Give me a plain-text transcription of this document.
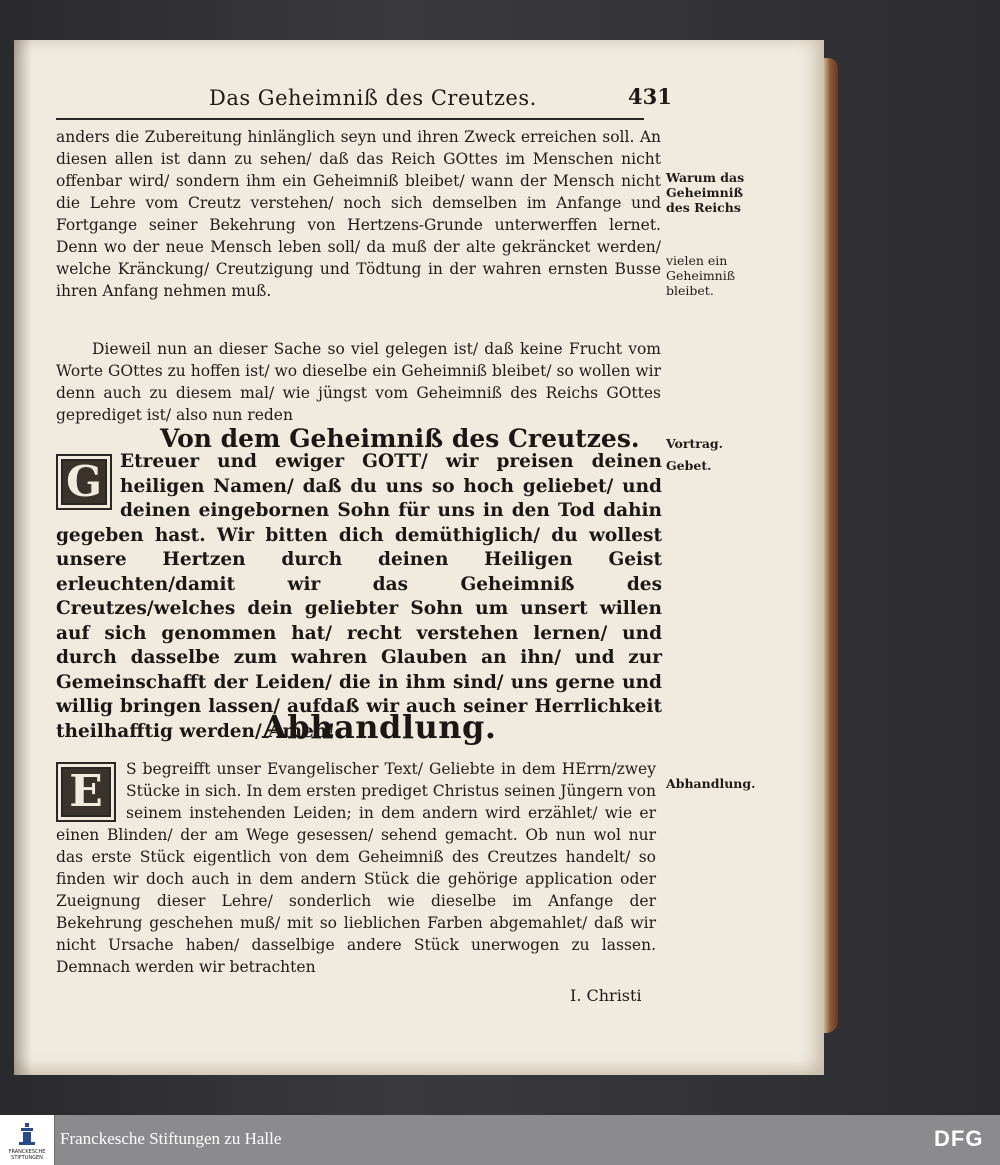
Das Geheimniß des Creutzes.	431
anders die Zubereitung hinlänglich seyn und ihren Zweck erreichen soll. An diesen allen ist dann zu sehen/ daß das Reich GOttes im Menschen nicht offenbar wird/ sondern ihm ein Geheimniß bleibet/ wann der Mensch nicht die Lehre vom Creutz verstehen/ noch sich demselben im Anfange und Fortgange seiner Bekehrung von Hertzens-Grunde unterwerffen lernet. Denn wo der neue Mensch leben soll/ da muß der alte gekräncket werden/ welche Kränckung/ Creutzigung und Tödtung in der wahren ernsten Busse ihren Anfang nehmen muß.
Dieweil nun an dieser Sache so viel gelegen ist/ daß keine Frucht vom Worte GOttes zu hoffen ist/ wo dieselbe ein Geheimniß bleibet/ so wollen wir denn auch zu diesem mal/ wie jüngst vom Geheimniß des Reichs GOttes geprediget ist/ also nun reden
Von dem Geheimniß des Creutzes.
G Etreuer und ewiger GOTT/ wir preisen deinen heiligen Namen/ daß du uns so hoch geliebet/ und deinen eingebornen Sohn für uns in den Tod dahin gegeben hast. Wir bitten dich demüthiglich/ du wollest unsere Hertzen durch deinen Heiligen Geist erleuchten/damit wir das Geheimniß des Creutzes/welches dein geliebter Sohn um unsert willen auf sich genommen hat/ recht verstehen lernen/ und durch dasselbe zum wahren Glauben an ihn/ und zur Gemeinschafft der Leiden/ die in ihm sind/ uns gerne und willig bringen lassen/ aufdaß wir auch seiner Herrlichkeit theilhafftig werden/ Amen!
Abhandlung.
E	S begreifft unser Evangelischer Text/ Geliebte in dem HErrn/zwey Stücke in sich. In dem ersten prediget Christus seinen Jüngern von seinem instehenden Leiden; in dem andern wird erzählet/ wie er einen Blinden/ der am Wege gesessen/ sehend gemacht. Ob nun wol nur das erste Stück eigentlich von dem Geheimniß des Creutzes handelt/ so finden wir doch auch in dem andern Stück die gehörige application oder Zueignung dieser Lehre/ sonderlich wie dieselbe im Anfange der Bekehrung geschehen muß/ mit so lieblichen Farben abgemahlet/ daß wir nicht Ursache haben/ dasselbige andere Stück unerwogen zu lassen. Demnach werden wir betrachten
I. Christi
Warum das Geheimniß des Reichs
vielen ein Geheimniß bleibet.
Vortrag.
Gebet.
Abhandlung.
FRANCKESCHE STIFTUNGEN
Franckesche Stiftungen zu Halle	DFG
